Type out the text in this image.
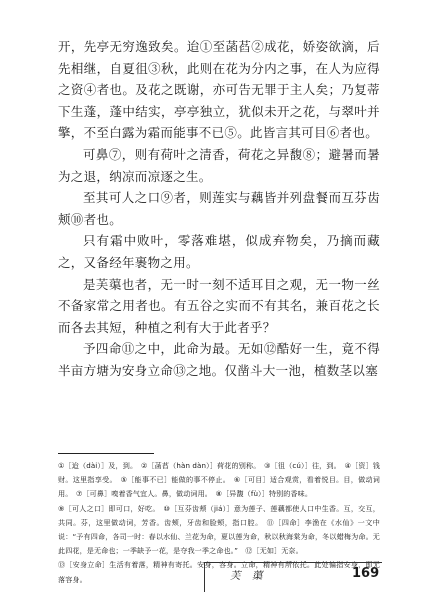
开，先亭无穷逸致矣。迨①至菡萏②成花，娇姿欲滴，后先相继，自夏徂③秋，此则在花为分内之事，在人为应得之资④者也。及花之既谢，亦可告无罪于主人矣；乃复蒂下生蓬，蓬中结实，亭亭独立，犹似未开之花，与翠叶并擎，不至白露为霜而能事不已⑤。此皆言其可目⑥者也。

可鼻⑦，则有荷叶之清香，荷花之异馥⑧；避暑而暑为之退，纳凉而凉逐之生。

至其可人之口⑨者，则莲实与藕皆并列盘餐而互芬齿颊⑩者也。

只有霜中败叶，零落难堪，似成弃物矣，乃摘而藏之，又备经年裹物之用。

是芙蕖也者，无一时一刻不适耳目之观，无一物一丝不备家常之用者也。有五谷之实而不有其名，兼百花之长而各去其短，种植之利有大于此者乎？

予四命⑪之中，此命为最。无如⑫酷好一生，竟不得半亩方塘为安身立命⑬之地。仅凿斗大一池，植数茎以塞

①［迨（dài）］及，到。　②［菡萏（hàn dàn）］荷花的别称。　③［徂（cú）］往，到。　④［资］钱财。这里指享受。　⑤［能事不已］能做的事不停止。　⑥［可目］适合观赏，看着悦目。目，做动词用。　⑦［可鼻］嗅着香气宜人。鼻，做动词用。　⑧［异馥（fù）］特别的香味。

⑨［可人之口］即可口，好吃。　⑩［互芬齿颊（jiá）］意为莲子、莲藕都使人口中生香。互，交互，共同。芬，这里做动词，芳香。齿颊，牙齿和脸颊，指口腔。　⑪［四命］李渔在《水仙》一文中说：“予有四命，各司一时：春以水仙、兰花为命，夏以莲为命，秋以秋海棠为命，冬以蜡梅为命。无此四花，是无命也；一季缺予一花，是夺我一季之命也。”　⑫［无如］无奈。

⑬［安身立命］生活有着落，精神有寄托。安身，容身。立命，精神有所依托。此处偏指安身，即无落容身。	芙 蕖	169
